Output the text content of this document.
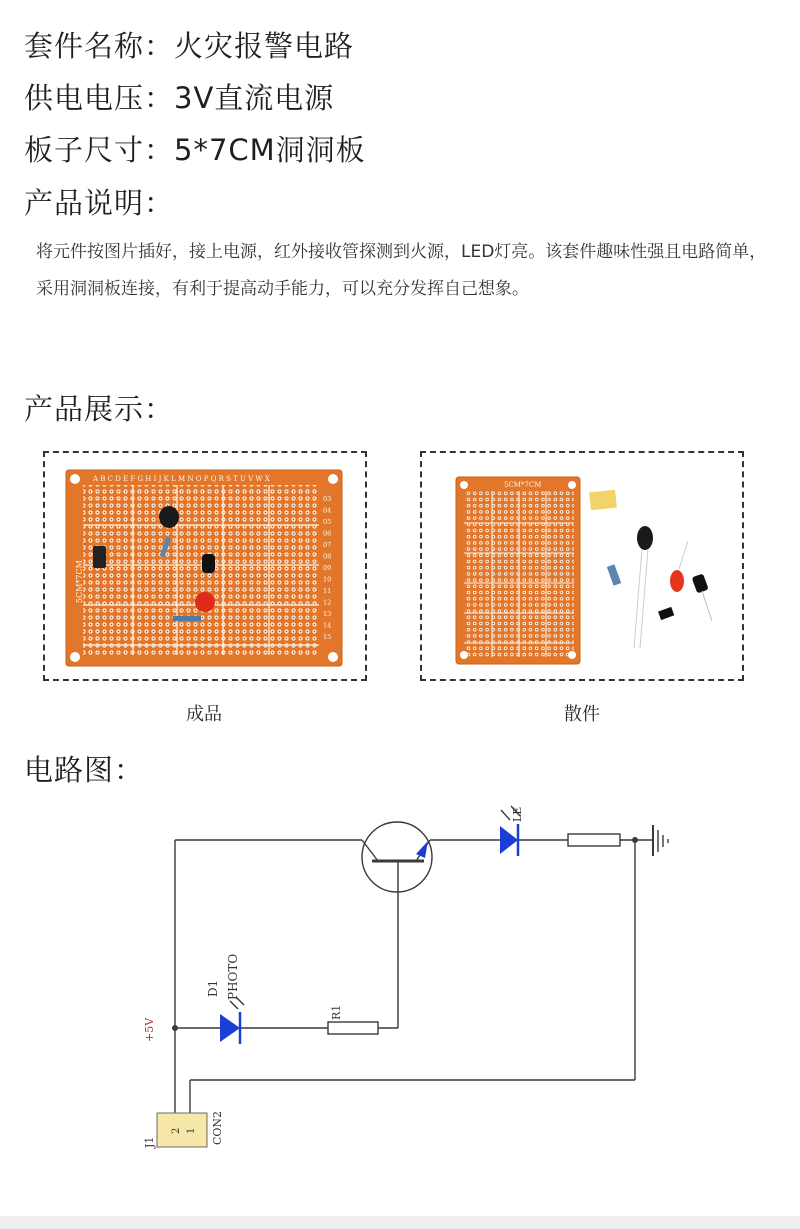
套件名称：火灾报警电路
供电电压：3V直流电源
板子尺寸：5*7CM洞洞板
产品说明：
将元件按图片插好，接上电源，红外接收管探测到火源，LED灯亮。该套件趣味性强且电路简单，采用洞洞板连接，有利于提高动手能力，可以充分发挥自己想象。
产品展示：
A B C D E F G H I J K L M N O P Q R S T U V W X
5CM*7CM
03
04
05
06
07
08
09
10
11
12
13
14
15
成品
5CM*7CM
散件
电路图：
LE
D1 PHOTO
R1
+5V
J1	CON2
2 1
